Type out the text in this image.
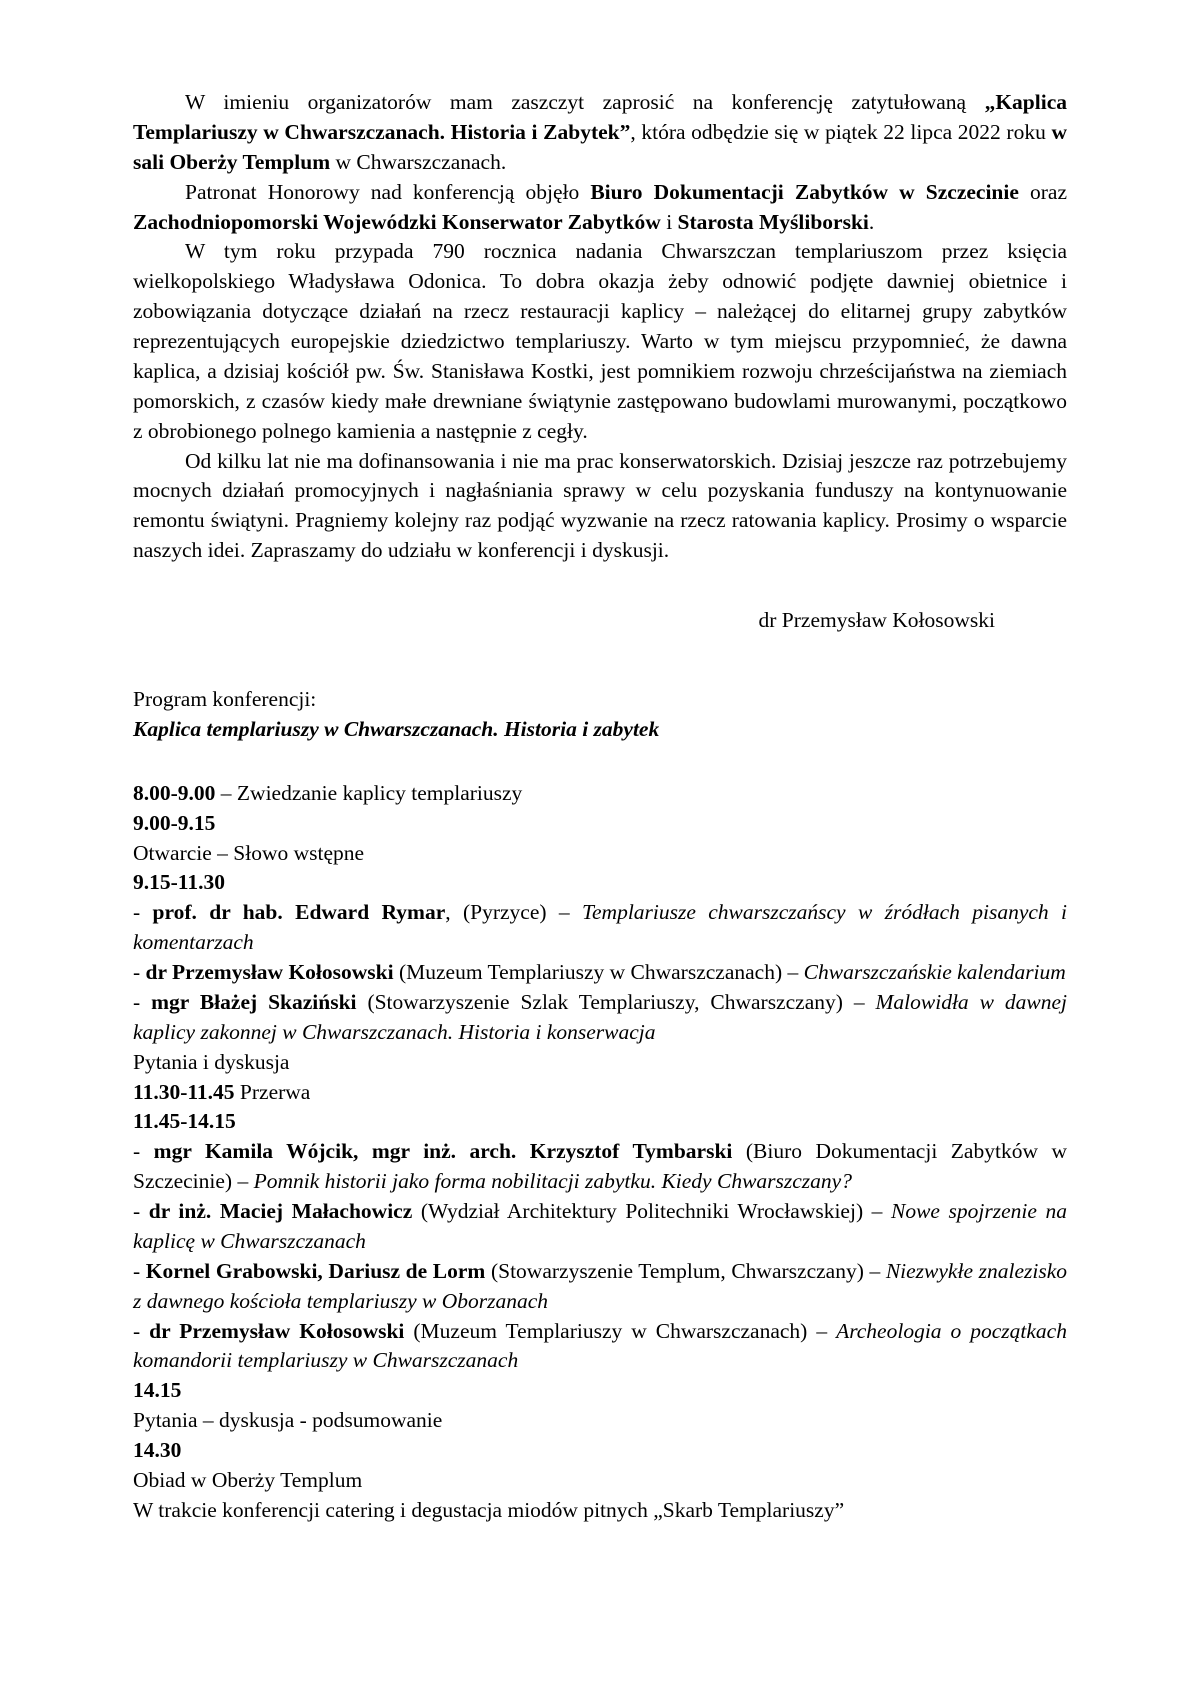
W imieniu organizatorów mam zaszczyt zaprosić na konferencję zatytułowaną „Kaplica Templariuszy w Chwarszczanach. Historia i Zabytek”, która odbędzie się w piątek 22 lipca 2022 roku w sali Oberży Templum w Chwarszczanach.

Patronat Honorowy nad konferencją objęło Biuro Dokumentacji Zabytków w Szczecinie oraz Zachodniopomorski Wojewódzki Konserwator Zabytków i Starosta Myśliborski.

W tym roku przypada 790 rocznica nadania Chwarszczan templariuszom przez księcia wielkopolskiego Władysława Odonica. To dobra okazja żeby odnowić podjęte dawniej obietnice i zobowiązania dotyczące działań na rzecz restauracji kaplicy – należącej do elitarnej grupy zabytków reprezentujących europejskie dziedzictwo templariuszy. Warto w tym miejscu przypomnieć, że dawna kaplica, a dzisiaj kościół pw. Św. Stanisława Kostki, jest pomnikiem rozwoju chrześcijaństwa na ziemiach pomorskich, z czasów kiedy małe drewniane świątynie zastępowano budowlami murowanymi, początkowo z obrobionego polnego kamienia a następnie z cegły.

Od kilku lat nie ma dofinansowania i nie ma prac konserwatorskich. Dzisiaj jeszcze raz potrzebujemy mocnych działań promocyjnych i nagłaśniania sprawy w celu pozyskania funduszy na kontynuowanie remontu świątyni. Pragniemy kolejny raz podjąć wyzwanie na rzecz ratowania kaplicy. Prosimy o wsparcie naszych idei. Zapraszamy do udziału w konferencji i dyskusji.

dr Przemysław Kołosowski
Program konferencji:
Kaplica templariuszy w Chwarszczanach. Historia i zabytek

8.00-9.00 – Zwiedzanie kaplicy templariuszy

9.00-9.15

Otwarcie – Słowo wstępne

9.15-11.30

- prof. dr hab. Edward Rymar, (Pyrzyce) – Templariusze chwarszczańscy w źródłach pisanych i komentarzach

- dr Przemysław Kołosowski (Muzeum Templariuszy w Chwarszczanach) – Chwarszczańskie kalendarium

- mgr Błażej Skaziński (Stowarzyszenie Szlak Templariuszy, Chwarszczany) – Malowidła w dawnej kaplicy zakonnej w Chwarszczanach. Historia i konserwacja

Pytania i dyskusja

11.30-11.45 Przerwa

11.45-14.15

- mgr Kamila Wójcik, mgr inż. arch. Krzysztof Tymbarski (Biuro Dokumentacji Zabytków w Szczecinie) – Pomnik historii jako forma nobilitacji zabytku. Kiedy Chwarszczany?

- dr inż. Maciej Małachowicz (Wydział Architektury Politechniki Wrocławskiej) – Nowe spojrzenie na kaplicę w Chwarszczanach

- Kornel Grabowski, Dariusz de Lorm (Stowarzyszenie Templum, Chwarszczany) – Niezwykłe znalezisko z dawnego kościoła templariuszy w Oborzanach

- dr Przemysław Kołosowski (Muzeum Templariuszy w Chwarszczanach) – Archeologia o początkach komandorii templariuszy w Chwarszczanach

14.15

Pytania – dyskusja - podsumowanie

14.30

Obiad w Oberży Templum

W trakcie konferencji catering i degustacja miodów pitnych „Skarb Templariuszy”
